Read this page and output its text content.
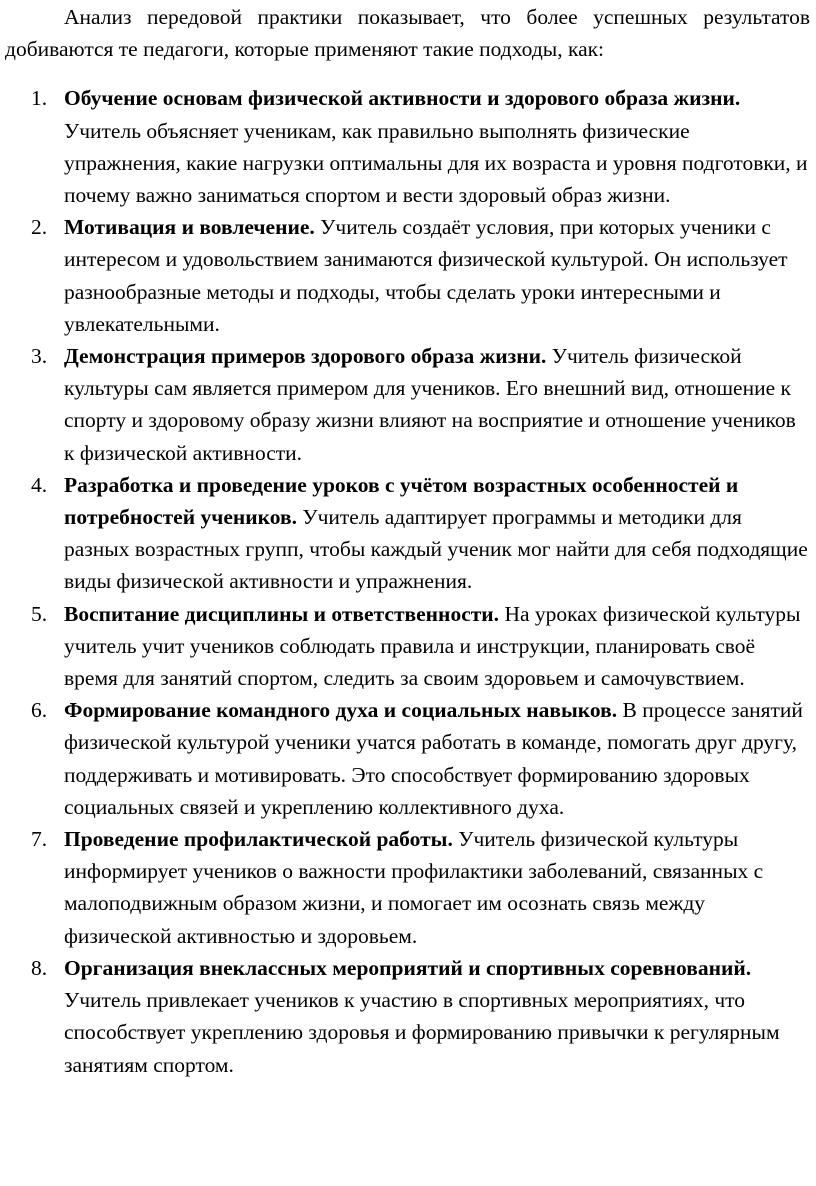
Анализ передовой практики показывает, что более успешных результатов добиваются те педагоги, которые применяют такие подходы, как:

1. Обучение основам физической активности и здорового образа жизни. Учитель объясняет ученикам, как правильно выполнять физические упражнения, какие нагрузки оптимальны для их возраста и уровня подготовки, и почему важно заниматься спортом и вести здоровый образ жизни.
2. Мотивация и вовлечение. Учитель создаёт условия, при которых ученики с интересом и удовольствием занимаются физической культурой. Он использует разнообразные методы и подходы, чтобы сделать уроки интересными и увлекательными.
3. Демонстрация примеров здорового образа жизни. Учитель физической культуры сам является примером для учеников. Его внешний вид, отношение к спорту и здоровому образу жизни влияют на восприятие и отношение учеников к физической активности.
4. Разработка и проведение уроков с учётом возрастных особенностей и потребностей учеников. Учитель адаптирует программы и методики для разных возрастных групп, чтобы каждый ученик мог найти для себя подходящие виды физической активности и упражнения.
5. Воспитание дисциплины и ответственности. На уроках физической культуры учитель учит учеников соблюдать правила и инструкции, планировать своё время для занятий спортом, следить за своим здоровьем и самочувствием.
6. Формирование командного духа и социальных навыков. В процессе занятий физической культурой ученики учатся работать в команде, помогать друг другу, поддерживать и мотивировать. Это способствует формированию здоровых социальных связей и укреплению коллективного духа.
7. Проведение профилактической работы. Учитель физической культуры информирует учеников о важности профилактики заболеваний, связанных с малоподвижным образом жизни, и помогает им осознать связь между физической активностью и здоровьем.
8. Организация внеклассных мероприятий и спортивных соревнований. Учитель привлекает учеников к участию в спортивных мероприятиях, что способствует укреплению здоровья и формированию привычки к регулярным занятиям спортом.
